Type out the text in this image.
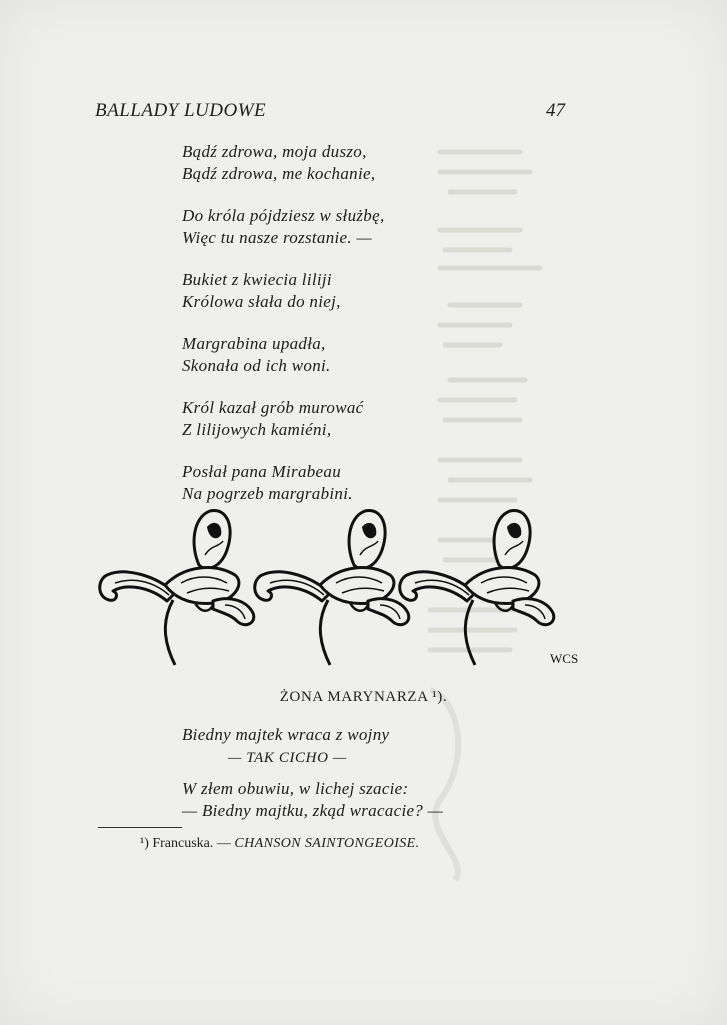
BALLADY LUDOWE	47
Bądź zdrowa, moja duszo,
Bądź zdrowa, me kochanie,
Do króla pójdziesz w służbę,
Więc tu nasze rozstanie. —
Bukiet z kwiecia liliji
Królowa słała do niej,
Margrabina upadła,
Skonała od ich woni.
Król kazał grób murować
Z lilijowych kamiéni,
Posłał pana Mirabeau
Na pogrzeb margrabini.
WCS
ŻONA MARYNARZA ¹).
Biedny majtek wraca z wojny
— TAK CICHO —
W złem obuwiu, w lichej szacie:
— Biedny majtku, zkąd wracacie? —
¹) Francuska. — CHANSON SAINTONGEOISE.
